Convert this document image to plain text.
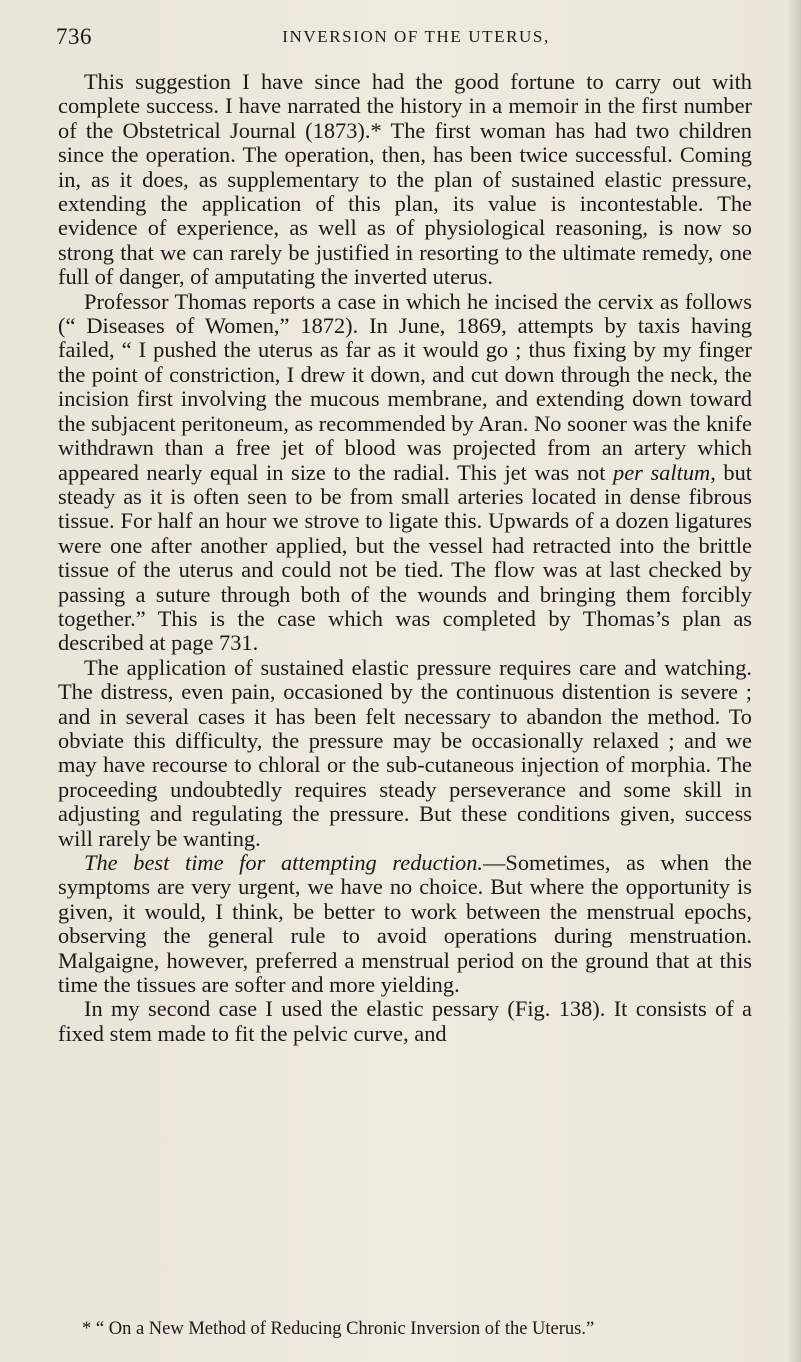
736	INVERSION OF THE UTERUS,

This suggestion I have since had the good fortune to carry out with complete success. I have narrated the history in a memoir in the first number of the Obstetrical Journal (1873).* The first woman has had two children since the operation. The operation, then, has been twice successful. Coming in, as it does, as supplementary to the plan of sustained elastic pressure, extending the application of this plan, its value is incontestable. The evidence of experience, as well as of physiological reasoning, is now so strong that we can rarely be justified in resorting to the ultimate remedy, one full of danger, of amputating the inverted uterus.

Professor Thomas reports a case in which he incised the cervix as follows (“ Diseases of Women,” 1872). In June, 1869, attempts by taxis having failed, “ I pushed the uterus as far as it would go ; thus fixing by my finger the point of constriction, I drew it down, and cut down through the neck, the incision first involving the mucous membrane, and extending down toward the subjacent peritoneum, as recommended by Aran. No sooner was the knife withdrawn than a free jet of blood was projected from an artery which appeared nearly equal in size to the radial. This jet was not per saltum, but steady as it is often seen to be from small arteries located in dense fibrous tissue. For half an hour we strove to ligate this. Upwards of a dozen ligatures were one after another applied, but the vessel had retracted into the brittle tissue of the uterus and could not be tied. The flow was at last checked by passing a suture through both of the wounds and bringing them forcibly together.” This is the case which was completed by Thomas’s plan as described at page 731.

The application of sustained elastic pressure requires care and watching. The distress, even pain, occasioned by the continuous distention is severe ; and in several cases it has been felt necessary to abandon the method. To obviate this difficulty, the pressure may be occasionally relaxed ; and we may have recourse to chloral or the sub-cutaneous injection of morphia. The proceeding undoubtedly requires steady perseverance and some skill in adjusting and regulating the pressure. But these conditions given, success will rarely be wanting.

The best time for attempting reduction.—Sometimes, as when the symptoms are very urgent, we have no choice. But where the opportunity is given, it would, I think, be better to work between the menstrual epochs, observing the general rule to avoid operations during menstruation. Malgaigne, however, preferred a menstrual period on the ground that at this time the tissues are softer and more yielding.

In my second case I used the elastic pessary (Fig. 138). It consists of a fixed stem made to fit the pelvic curve, and

* “ On a New Method of Reducing Chronic Inversion of the Uterus.”
